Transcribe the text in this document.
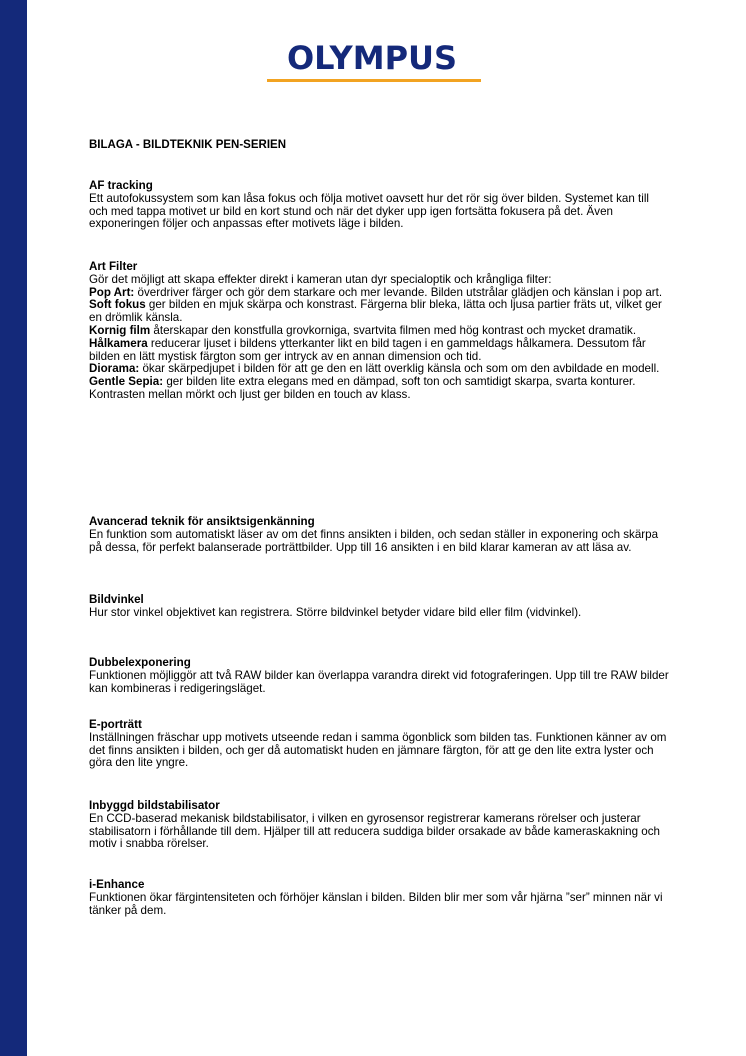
OLYMPUS
BILAGA - BILDTEKNIK PEN-SERIEN

AF tracking

Ett autofokussystem som kan låsa fokus och följa motivet oavsett hur det rör sig över bilden. Systemet kan till och med tappa motivet ur bild en kort stund och när det dyker upp igen fortsätta fokusera på det. Även exponeringen följer och anpassas efter motivets läge i bilden.

Art Filter

Gör det möjligt att skapa effekter direkt i kameran utan dyr specialoptik och krångliga filter:

Pop Art: överdriver färger och gör dem starkare och mer levande. Bilden utstrålar glädjen och känslan i pop art.

Soft fokus ger bilden en mjuk skärpa och konstrast. Färgerna blir bleka, lätta och ljusa partier fräts ut, vilket ger en drömlik känsla.

Kornig film återskapar den konstfulla grovkorniga, svartvita filmen med hög kontrast och mycket dramatik.

Hålkamera reducerar ljuset i bildens ytterkanter likt en bild tagen i en gammeldags hålkamera. Dessutom får bilden en lätt mystisk färgton som ger intryck av en annan dimension och tid.

Diorama: ökar skärpedjupet i bilden för att ge den en lätt overklig känsla och som om den avbildade en modell.

Gentle Sepia: ger bilden lite extra elegans med en dämpad, soft ton och samtidigt skarpa, svarta konturer. Kontrasten mellan mörkt och ljust ger bilden en touch av klass.

Avancerad teknik för ansiktsigenkänning

En funktion som automatiskt läser av om det finns ansikten i bilden, och sedan ställer in exponering och skärpa på dessa, för perfekt balanserade porträttbilder. Upp till 16 ansikten i en bild klarar kameran av att läsa av.

Bildvinkel

Hur stor vinkel objektivet kan registrera. Större bildvinkel betyder vidare bild eller film (vidvinkel).

Dubbelexponering

Funktionen möjliggör att två RAW bilder kan överlappa varandra direkt vid fotograferingen. Upp till tre RAW bilder kan kombineras i redigeringsläget.

E-porträtt

Inställningen fräschar upp motivets utseende redan i samma ögonblick som bilden tas. Funktionen känner av om det finns ansikten i bilden, och ger då automatiskt huden en jämnare färgton, för att ge den lite extra lyster och göra den lite yngre.

Inbyggd bildstabilisator

En CCD-baserad mekanisk bildstabilisator, i vilken en gyrosensor registrerar kamerans rörelser och justerar stabilisatorn i förhållande till dem. Hjälper till att reducera suddiga bilder orsakade av både kameraskakning och motiv i snabba rörelser.

i-Enhance

Funktionen ökar färgintensiteten och förhöjer känslan i bilden. Bilden blir mer som vår hjärna ”ser” minnen när vi tänker på dem.
